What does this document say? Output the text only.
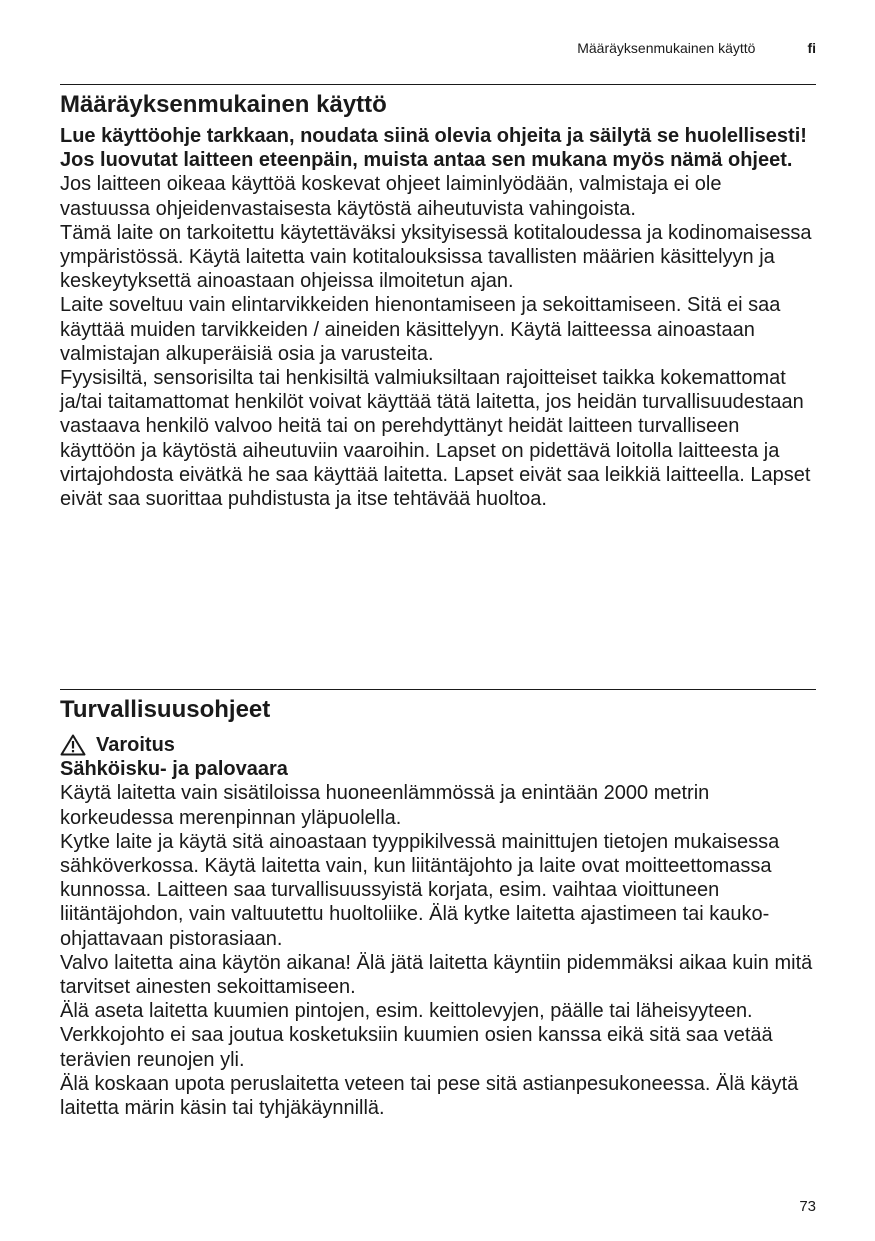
Määräyksenmukainen käyttö	fi
Määräyksenmukainen käyttö

Lue käyttöohje tarkkaan, noudata siinä olevia ohjeita ja säilytä se huolellisesti! Jos luovutat laitteen eteenpäin, muista antaa sen mukana myös nämä ohjeet.

Jos laitteen oikeaa käyttöä koskevat ohjeet laiminlyödään, valmistaja ei ole vastuussa ohjeidenvastaisesta käytöstä aiheutuvista vahingoista.

Tämä laite on tarkoitettu käytettäväksi yksityisessä kotitaloudessa ja kodinomaisessa ympäristössä. Käytä laitetta vain kotitalouksissa tavallisten määrien käsittelyyn ja keskeytyksettä ainoastaan ohjeissa ilmoitetun ajan.

Laite soveltuu vain elintarvikkeiden hienontamiseen ja sekoittamiseen. Sitä ei saa käyttää muiden tarvikkeiden / aineiden käsittelyyn. Käytä laitteessa ainoastaan valmistajan alkuperäisiä osia ja varusteita.

Fyysisiltä, sensorisilta tai henkisiltä valmiuksiltaan rajoitteiset taikka kokemattomat ja/tai taitamattomat henkilöt voivat käyttää tätä laitetta, jos heidän turvallisuudestaan vastaava henkilö valvoo heitä tai on perehdyttänyt heidät laitteen turvalliseen käyttöön ja käytöstä aiheutuviin vaaroihin. Lapset on pidettävä loitolla laitteesta ja virtajohdosta eivätkä he saa käyttää laitetta. Lapset eivät saa leikkiä laitteella. Lapset eivät saa suorittaa puhdistusta ja itse tehtävää huoltoa.

Turvallisuusohjeet
Varoitus

Sähköisku- ja palovaara

Käytä laitetta vain sisätiloissa huoneenlämmössä ja enintään 2000 metrin korkeudessa merenpinnan yläpuolella.

Kytke laite ja käytä sitä ainoastaan tyyppikilvessä mainittujen tietojen mukaisessa sähköverkossa. Käytä laitetta vain, kun liitäntäjohto ja laite ovat moitteettomassa kunnossa. Laitteen saa turvallisuussyistä korjata, esim. vaihtaa vioittuneen liitäntäjohdon, vain valtuutettu huoltoliike. Älä kytke laitetta ajastimeen tai kauko-ohjattavaan pistorasiaan.

Valvo laitetta aina käytön aikana! Älä jätä laitetta käyntiin pidemmäksi aikaa kuin mitä tarvitset ainesten sekoittamiseen.

Älä aseta laitetta kuumien pintojen, esim. keittolevyjen, päälle tai läheisyyteen.

Verkkojohto ei saa joutua kosketuksiin kuumien osien kanssa eikä sitä saa vetää terävien reunojen yli.

Älä koskaan upota peruslaitetta veteen tai pese sitä astianpesukoneessa. Älä käytä laitetta märin käsin tai tyhjäkäynnillä.

73
